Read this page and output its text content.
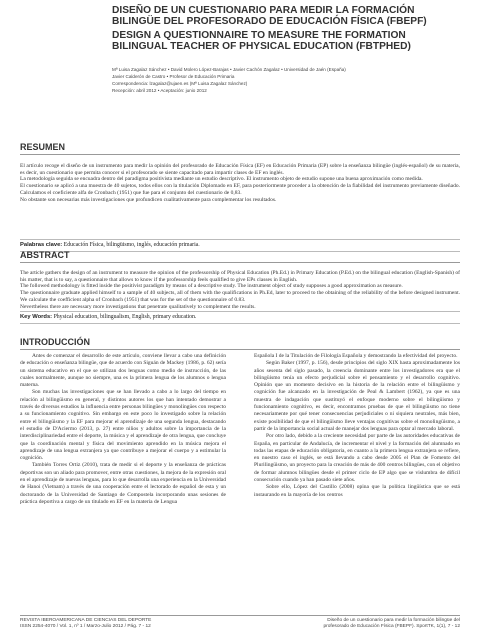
DISEÑO DE UN CUESTIONARIO PARA MEDIR LA FORMACIÓN BILINGÜE DEL PROFESORADO DE EDUCACIÓN FÍSICA (FBEPF)
DESIGN A QUESTIONNAIRE TO MEASURE THE FORMATION BILINGUAL TEACHER OF PHYSICAL EDUCATION (FBTPHED)
Mª Luisa Zagalaz Sánchez • David Molero López-Barajas • Javier Cachón Zagalaz • Universidad de Jaén (España)
Javier Calderón de Castro • Profesor de Educación Primaria
Correspondencia: lzagalaz@ujaen.es (Mª Luisa Zagalaz Sánchez)
Recepción: abril 2012 • Aceptación: junio 2012
RESUMEN

El artículo recoge el diseño de un instrumento para medir la opinión del profesorado de Educación Física (EF) en Educación Primaria (EP) sobre la enseñanza bilingüe (inglés-español) de su materia, es decir, un cuestionario que permita conocer si el profesorado se siente capacitado para impartir clases de EF en inglés.

La metodología seguida se encuadra dentro del paradigma positivista mediante un estudio descriptivo. El instrumento objeto de estudio supone una buena aproximación como medida.

El cuestionario se aplicó a una muestra de 40 sujetos, todos ellos con la titulación Diplomado en EF, para posteriormente proceder a la obtención de la fiabilidad del instrumento previamente diseñado. Calculamos el coeficiente alfa de Cronbach (1951) que fue para el conjunto del cuestionario de 0,83.

No obstante son necesarias más investigaciones que profundicen cualitativamente para complementar los resultados.

Palabras clave: Educación Física, bilingüismo, inglés, educación primaria.
ABSTRACT

The article gathers the design of an instrument to measure the opinion of the professorship of Physical Education (Ph.Ed.) in Primary Education (P.Ed.) on the bilingual education (English-Spanish) of his matter, that is to say, a questionnaire that allows to know if the professorship feels qualified to give EPs classes in English.

The followed methodology is fitted inside the positivist paradigm by means of a descriptive study. The instrument object of study supposes a good approximation as measure.

The questionnaire graduate applied himself to a sample of 40 subjects, all of them with the qualifications in Ph.Ed, later to proceed to the obtaining of the reliability of the before designed instrument. We calculate the coefficient alpha of Cronbach (1951) that was for the set of the questionnaire of 0.83.

Nevertheless there are necessary more investigations that penetrate qualitatively to complement the results.

Key Words: Physical education, bilingualism, English, primary education.
INTRODUCCIÓN

Antes de comenzar el desarrollo de este artículo, conviene llevar a cabo una definición de educación o enseñanza bilingüe, que de acuerdo con Siguán de Mackey (1986, p. 62) sería un sistema educativo en el que se utilizan dos lenguas como medio de instrucción, de las cuales normalmente, aunque no siempre, una es la primera lengua de los alumnos o lengua materna.

Son muchas las investigaciones que se han llevado a cabo a lo largo del tiempo en relación al bilingüismo en general, y distintos autores los que han intentado demostrar a través de diversos estudios la influencia entre personas bilingües y monolingües con respecto a su funcionamiento cognitivo. Sin embargo en este poco lo investigado sobre la relación entre el bilingüismo y la EF para mejorar el aprendizaje de una segunda lengua, destacando el estudio de D'Aciermo (2013, p. 27) entre niños y adultos sobre la importancia de la interdisciplinariedad entre el deporte, la música y el aprendizaje de otra lengua, que concluye que la coordinación mental y física del movimiento aprendido en la música mejora el aprendizaje de una lengua extranjera ya que contribuye a mejorar el cuerpo y a estimular la cognición.

También Torres Ortiz (2010), trata de medir si el deporte y la enseñanza de prácticas deportivas son un aliado para promover, entre otras cuestiones, la mejora de la expresión oral en el aprendizaje de nuevas lenguas, para lo que desarrolla una experiencia en la Universidad de Hanoi (Vietnam) a través de una cooperación entre el lectorado de español de esta y un doctorando de la Universidad de Santiago de Compostela incorporando unas sesiones de práctica deportiva a cargo de un titulado en EF en la materia de Lengua

Española I de la Titulación de Filología Española y demostrando la efectividad del proyecto.

Según Baker (1997, p. 156), desde principios del siglo XIX hasta aproximadamente los años sesenta del siglo pasado, la creencia dominante entre los investigadores era que el bilingüismo tenía un efecto perjudicial sobre el pensamiento y el desarrollo cognitivo. Opinión que un momento decisivo en la historia de la relación entre el bilingüismo y cognición fue alcanzado en la investigación de Peal & Lambert (1962), ya que es una muestra de indagación que sustituyó el enfoque moderno sobre el bilingüismo y funcionamiento cognitivo, es decir, encontramos pruebas de que el bilingüismo no tiene necesariamente por qué tener consecuencias perjudiciales o ni siquiera neutrales, más bien, existe posibilidad de que el bilingüismo lleve ventajas cognitivas sobre el monolingüismo, a partir de la importancia social actual de manejar dos lenguas para optar al mercado laboral.

Por otro lado, debido a la creciente necesidad por parte de las autoridades educativas de España, en particular de Andalucía, de incrementar el nivel y la formación del alumnado en todas las etapas de educación obligatoria, en cuanto a la primera lengua extranjera se refiere, en nuestro caso el inglés, se está llevando a cabo desde 2005 el Plan de Fomento del Plurilingüismo, un proyecto para la creación de más de 400 centros bilingües, con el objetivo de formar alumnos bilingües desde el primer ciclo de EP algo que se vislumbra de difícil consecución cuando ya han pasado siete años.

Sobre ello, López del Castillo (2008) opina que la política lingüística que se está instaurando en la mayoría de los centros

REVISTA IBEROAMERICANA DE CIENCIAS DEL DEPORTE
ISSN 2254-4070 / Vol. 1, nº 1 / Marzo-Julio 2012 / Pág. 7 - 12
Diseño de un cuestionario para medir la formación bilingüe del
profesorado de Educación Física (FBEPF). SportTK, 1(1), 7 - 12
